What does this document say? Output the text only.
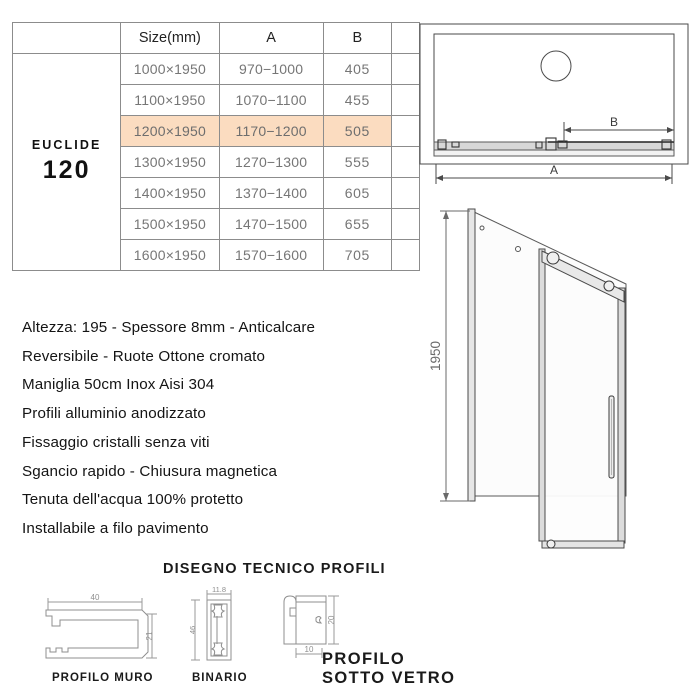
	Size(mm)	A	B	

EUCLIDE
120	1000×1950	970−1000	405	
	1100×1950	1070−1100	455	
	1200×1950	1170−1200	505	
	1300×1950	1270−1300	555	
	1400×1950	1370−1400	605	
	1500×1950	1470−1500	655	
	1600×1950	1570−1600	705	
Altezza: 195 - Spessore 8mm - Anticalcare
Reversibile - Ruote Ottone cromato
Maniglia 50cm Inox Aisi 304
Profili alluminio anodizzato
Fissaggio cristalli senza viti
Sgancio rapido - Chiusura magnetica
Tenuta dell'acqua 100% protetto
Installabile a filo pavimento
B
A
1950
DISEGNO TECNICO PROFILI
40
21
11.8
46
20
10
PROFILO MURO	BINARIO
PROFILO
SOTTO VETRO
